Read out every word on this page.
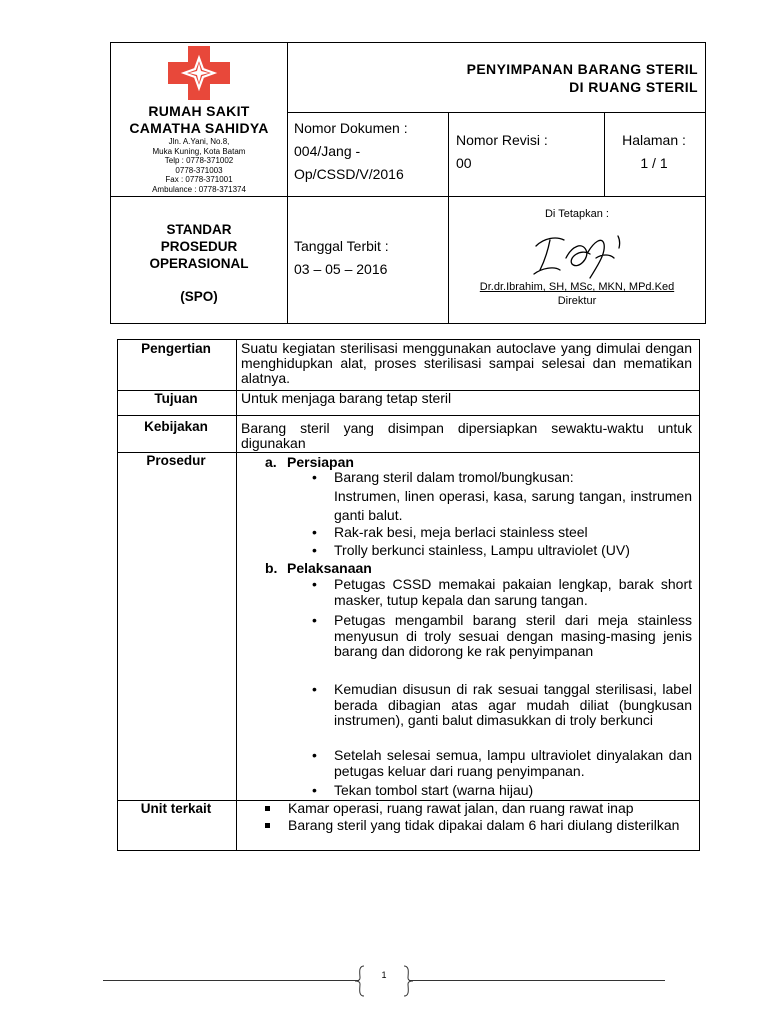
RUMAH SAKIT
CAMATHA SAHIDYA
Jln. A.Yani, No.8,
Muka Kuning, Kota Batam
Telp : 0778-371002
0778-371003
Fax : 0778-371001
Ambulance : 0778-371374
PENYIMPANAN BARANG STERIL
DI RUANG STERIL
Nomor Dokumen :
004/Jang -
Op/CSSD/V/2016
Nomor Revisi :
00
Halaman :
1 / 1
STANDAR
PROSEDUR
OPERASIONAL
(SPO)
Tanggal Terbit :
03 – 05 – 2016
Di Tetapkan :
Dr.dr.Ibrahim, SH, MSc, MKN, MPd.Ked
Direktur
Pengertian	Suatu kegiatan sterilisasi menggunakan autoclave yang dimulai dengan menghidupkan alat, proses sterilisasi sampai selesai dan mematikan alatnya.
Tujuan	Untuk menjaga barang tetap steril
Kebijakan	Barang steril yang disimpan dipersiapkan sewaktu-waktu untuk digunakan
Prosedur	a. Persiapan
• Barang steril dalam tromol/bungkusan:
Instrumen, linen operasi, kasa, sarung tangan, instrumen ganti balut.
• Rak-rak besi, meja berlaci stainless steel
• Trolly berkunci stainless, Lampu ultraviolet (UV)
b. Pelaksanaan
• Petugas CSSD memakai pakaian lengkap, barak short masker, tutup kepala dan sarung tangan.
• Petugas mengambil barang steril dari meja stainless menyusun di troly sesuai dengan masing-masing jenis barang dan didorong ke rak penyimpanan
• Kemudian disusun di rak sesuai tanggal sterilisasi, label berada dibagian atas agar mudah diliat (bungkusan instrumen), ganti balut dimasukkan di troly berkunci
• Setelah selesai semua, lampu ultraviolet dinyalakan dan petugas keluar dari ruang penyimpanan.
• Tekan tombol start (warna hijau)
Unit terkait	Kamar operasi, ruang rawat jalan, dan ruang rawat inap
Barang steril yang tidak dipakai dalam 6 hari diulang disterilkan
1
